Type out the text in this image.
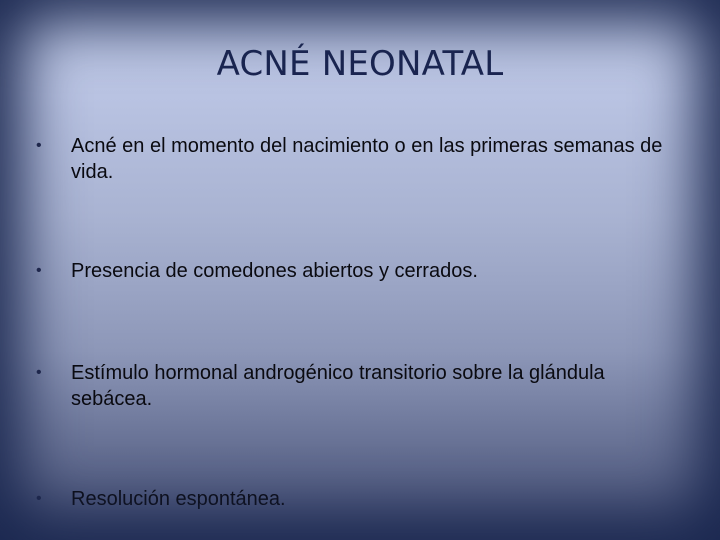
ACNÉ NEONATAL
•	Acné en el momento del nacimiento o en las primeras semanas de vida.
•	Presencia de comedones abiertos y cerrados.
•	Estímulo hormonal androgénico transitorio sobre la glándula sebácea.
•	Resolución espontánea.
